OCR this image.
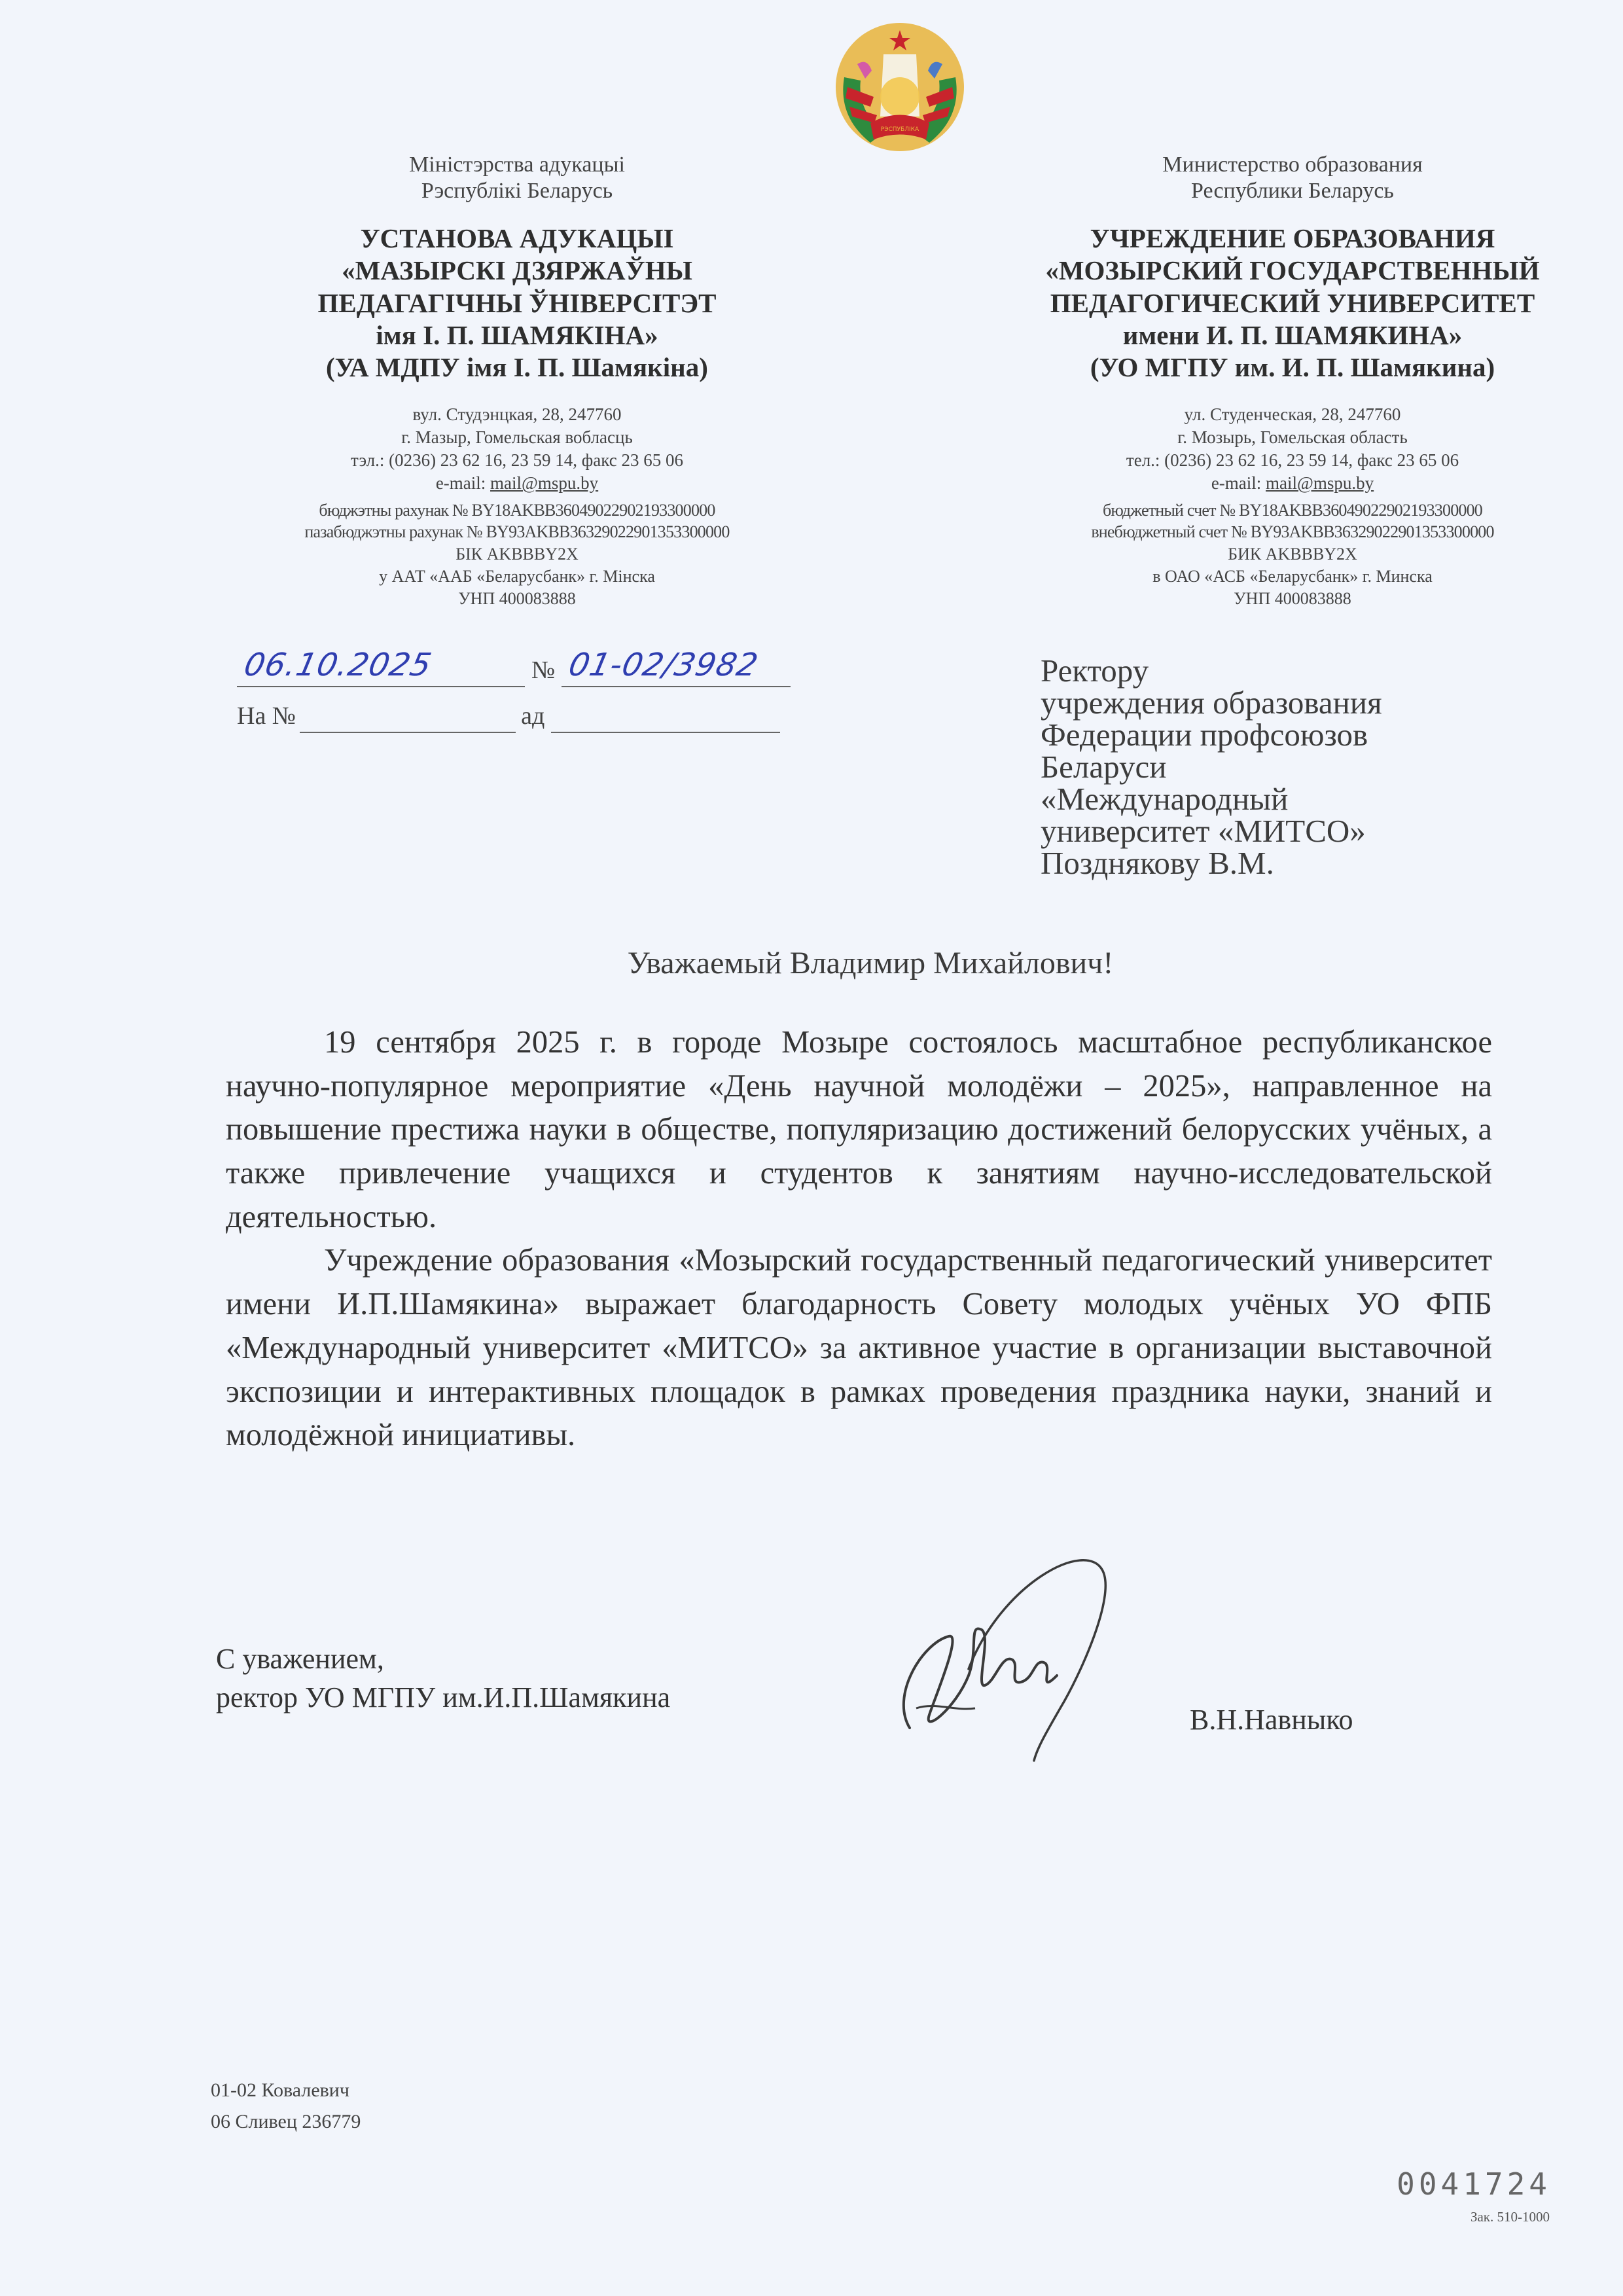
РЭСПУБЛІКА
Міністэрства адукацыі
Рэспублікі Беларусь
УСТАНОВА АДУКАЦЫІ
«МАЗЫРСКІ ДЗЯРЖАЎНЫ
ПЕДАГАГІЧНЫ ЎНІВЕРСІТЭТ
імя І. П. ШАМЯКІНА»
(УА МДПУ імя І. П. Шамякіна)
вул. Студэнцкая, 28, 247760
г. Мазыр, Гомельская вобласць
тэл.: (0236) 23 62 16, 23 59 14, факс 23 65 06
e-mail: mail@mspu.by
бюджэтны рахунак № BY18AKBB36049022902193300000
пазабюджэтны рахунак № BY93AKBB36329022901353300000
БІК AKBBBY2X
у ААТ «ААБ «Беларусбанк» г. Мінска
УНП 400083888
Министерство образования
Республики Беларусь
УЧРЕЖДЕНИЕ ОБРАЗОВАНИЯ
«МОЗЫРСКИЙ ГОСУДАРСТВЕННЫЙ
ПЕДАГОГИЧЕСКИЙ УНИВЕРСИТЕТ
имени И. П. ШАМЯКИНА»
(УО МГПУ им. И. П. Шамякина)
ул. Студенческая, 28, 247760
г. Мозырь, Гомельская область
тел.: (0236) 23 62 16, 23 59 14, факс 23 65 06
e-mail: mail@mspu.by
бюджетный счет № BY18AKBB36049022902193300000
внебюджетный счет № BY93AKBB36329022901353300000
БИК AKBBBY2X
в ОАО «АСБ «Беларусбанк» г. Минска
УНП 400083888
06.10.2025	№ 01-02/3982
На №	ад
Ректору
учреждения образования
Федерации профсоюзов
Беларуси
«Международный
университет «МИТСО»
Позднякову В.М.
Уважаемый Владимир Михайлович!

19 сентября 2025 г. в городе Мозыре состоялось масштабное республиканское научно-популярное мероприятие «День научной молодёжи – 2025», направленное на повышение престижа науки в обществе, популяризацию достижений белорусских учёных, а также привлечение учащихся и студентов к занятиям научно-исследовательской деятельностью.

Учреждение образования «Мозырский государственный педагогический университет имени И.П.Шамякина» выражает благодарность Совету молодых учёных УО ФПБ «Международный университет «МИТСО» за активное участие в организации выставочной экспозиции и интерактивных площадок в рамках проведения праздника науки, знаний и молодёжной инициативы.

С уважением,
ректор УО МГПУ им.И.П.Шамякина
В.Н.Навныко
01-02 Ковалевич
06 Сливец 236779
0041724
Зак. 510-1000
